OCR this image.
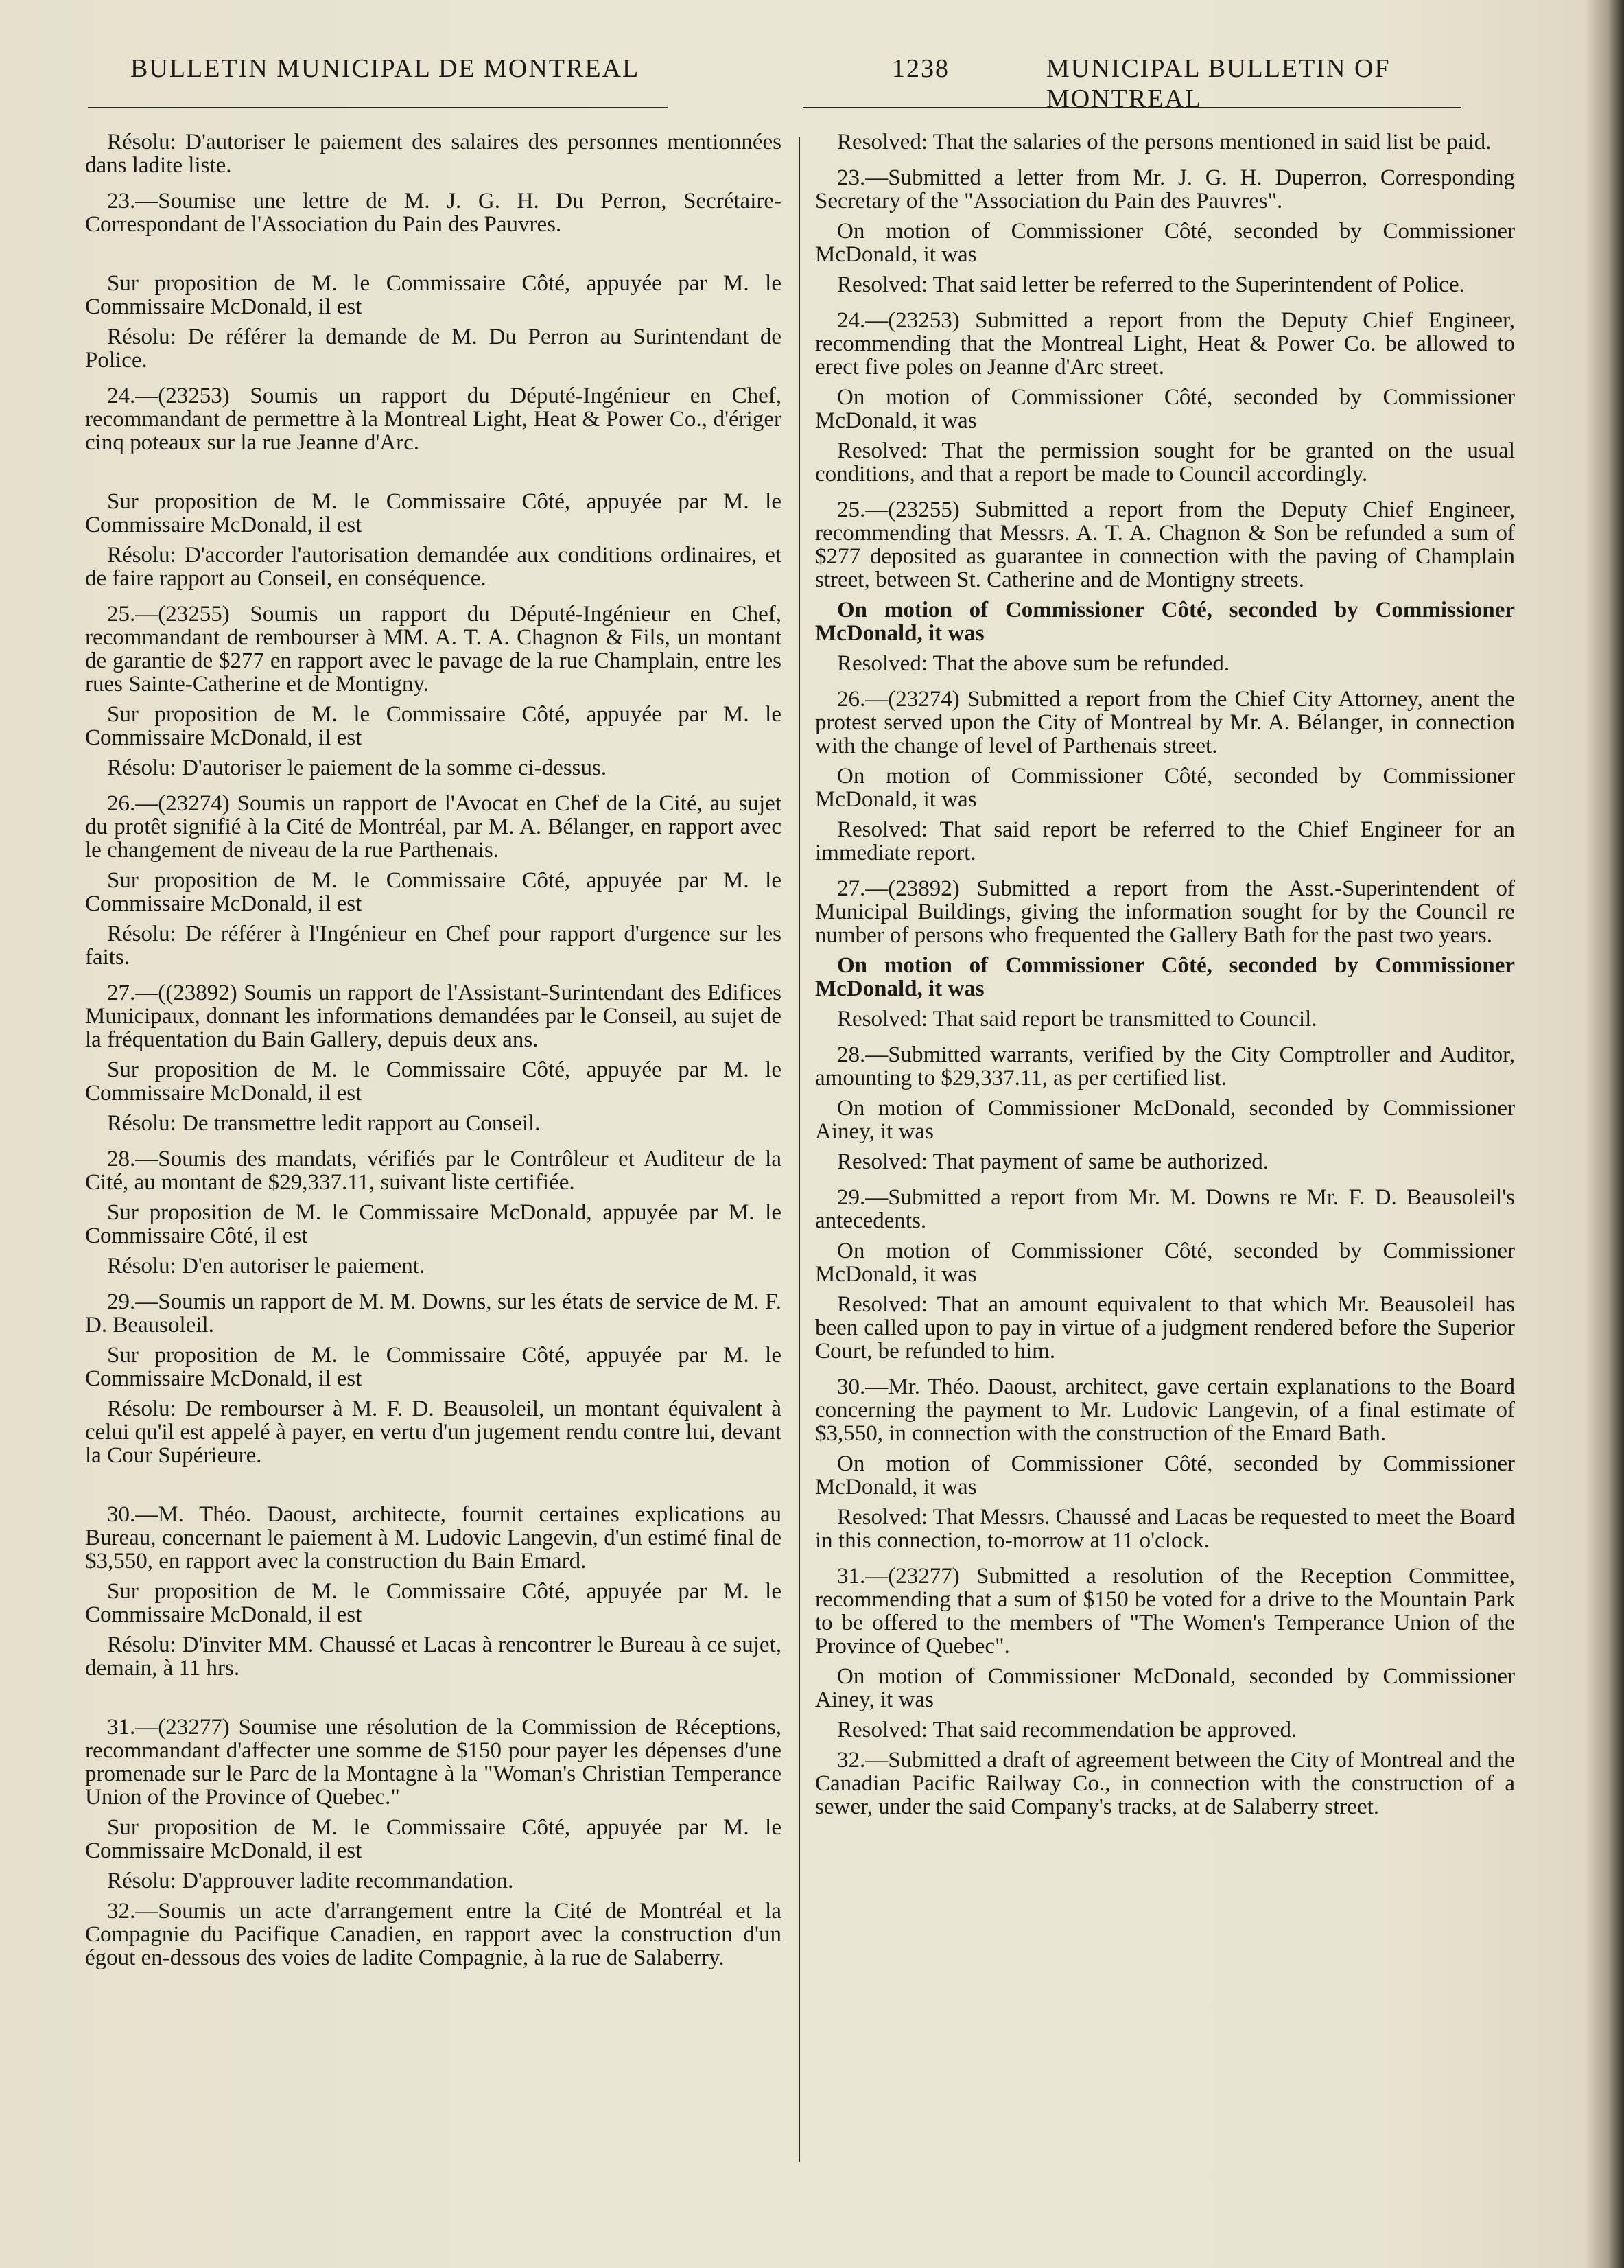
BULLETIN MUNICIPAL DE MONTREAL	1238	MUNICIPAL BULLETIN OF MONTREAL

Résolu: D'autoriser le paiement des salaires des personnes mentionnées dans ladite liste.

23.—Soumise une lettre de M. J. G. H. Du Perron, Secrétaire-Correspondant de l'Association du Pain des Pauvres.

Sur proposition de M. le Commissaire Côté, appuyée par M. le Commissaire McDonald, il est

Résolu: De référer la demande de M. Du Perron au Surintendant de Police.

24.—(23253) Soumis un rapport du Député-Ingénieur en Chef, recommandant de permettre à la Montreal Light, Heat & Power Co., d'ériger cinq poteaux sur la rue Jeanne d'Arc.

Sur proposition de M. le Commissaire Côté, appuyée par M. le Commissaire McDonald, il est

Résolu: D'accorder l'autorisation demandée aux conditions ordinaires, et de faire rapport au Conseil, en conséquence.

25.—(23255) Soumis un rapport du Député-Ingénieur en Chef, recommandant de rembourser à MM. A. T. A. Chagnon & Fils, un montant de garantie de $277 en rapport avec le pavage de la rue Champlain, entre les rues Sainte-Catherine et de Montigny.

Sur proposition de M. le Commissaire Côté, appuyée par M. le Commissaire McDonald, il est

Résolu: D'autoriser le paiement de la somme ci-dessus.

26.—(23274) Soumis un rapport de l'Avocat en Chef de la Cité, au sujet du protêt signifié à la Cité de Montréal, par M. A. Bélanger, en rapport avec le changement de niveau de la rue Parthenais.

Sur proposition de M. le Commissaire Côté, appuyée par M. le Commissaire McDonald, il est

Résolu: De référer à l'Ingénieur en Chef pour rapport d'urgence sur les faits.

27.—((23892) Soumis un rapport de l'Assistant-Surintendant des Edifices Municipaux, donnant les informations demandées par le Conseil, au sujet de la fréquentation du Bain Gallery, depuis deux ans.

Sur proposition de M. le Commissaire Côté, appuyée par M. le Commissaire McDonald, il est

Résolu: De transmettre ledit rapport au Conseil.

28.—Soumis des mandats, vérifiés par le Contrôleur et Auditeur de la Cité, au montant de $29,337.11, suivant liste certifiée.

Sur proposition de M. le Commissaire McDonald, appuyée par M. le Commissaire Côté, il est

Résolu: D'en autoriser le paiement.

29.—Soumis un rapport de M. M. Downs, sur les états de service de M. F. D. Beausoleil.

Sur proposition de M. le Commissaire Côté, appuyée par M. le Commissaire McDonald, il est

Résolu: De rembourser à M. F. D. Beausoleil, un montant équivalent à celui qu'il est appelé à payer, en vertu d'un jugement rendu contre lui, devant la Cour Supérieure.

30.—M. Théo. Daoust, architecte, fournit certaines explications au Bureau, concernant le paiement à M. Ludovic Langevin, d'un estimé final de $3,550, en rapport avec la construction du Bain Emard.

Sur proposition de M. le Commissaire Côté, appuyée par M. le Commissaire McDonald, il est

Résolu: D'inviter MM. Chaussé et Lacas à rencontrer le Bureau à ce sujet, demain, à 11 hrs.

31.—(23277) Soumise une résolution de la Commission de Réceptions, recommandant d'affecter une somme de $150 pour payer les dépenses d'une promenade sur le Parc de la Montagne à la "Woman's Christian Temperance Union of the Province of Quebec."

Sur proposition de M. le Commissaire Côté, appuyée par M. le Commissaire McDonald, il est

Résolu: D'approuver ladite recommandation.

32.—Soumis un acte d'arrangement entre la Cité de Montréal et la Compagnie du Pacifique Canadien, en rapport avec la construction d'un égout en-dessous des voies de ladite Compagnie, à la rue de Salaberry.

Resolved: That the salaries of the persons mentioned in said list be paid.

23.—Submitted a letter from Mr. J. G. H. Duperron, Corresponding Secretary of the "Association du Pain des Pauvres".

On motion of Commissioner Côté, seconded by Commissioner McDonald, it was

Resolved: That said letter be referred to the Superintendent of Police.

24.—(23253) Submitted a report from the Deputy Chief Engineer, recommending that the Montreal Light, Heat & Power Co. be allowed to erect five poles on Jeanne d'Arc street.

On motion of Commissioner Côté, seconded by Commissioner McDonald, it was

Resolved: That the permission sought for be granted on the usual conditions, and that a report be made to Council accordingly.

25.—(23255) Submitted a report from the Deputy Chief Engineer, recommending that Messrs. A. T. A. Chagnon & Son be refunded a sum of $277 deposited as guarantee in connection with the paving of Champlain street, between St. Catherine and de Montigny streets.

On motion of Commissioner Côté, seconded by Commissioner McDonald, it was

Resolved: That the above sum be refunded.

26.—(23274) Submitted a report from the Chief City Attorney, anent the protest served upon the City of Montreal by Mr. A. Bélanger, in connection with the change of level of Parthenais street.

On motion of Commissioner Côté, seconded by Commissioner McDonald, it was

Resolved: That said report be referred to the Chief Engineer for an immediate report.

27.—(23892) Submitted a report from the Asst.-Superintendent of Municipal Buildings, giving the information sought for by the Council re number of persons who frequented the Gallery Bath for the past two years.

On motion of Commissioner Côté, seconded by Commissioner McDonald, it was

Resolved: That said report be transmitted to Council.

28.—Submitted warrants, verified by the City Comptroller and Auditor, amounting to $29,337.11, as per certified list.

On motion of Commissioner McDonald, seconded by Commissioner Ainey, it was

Resolved: That payment of same be authorized.

29.—Submitted a report from Mr. M. Downs re Mr. F. D. Beausoleil's antecedents.

On motion of Commissioner Côté, seconded by Commissioner McDonald, it was

Resolved: That an amount equivalent to that which Mr. Beausoleil has been called upon to pay in virtue of a judgment rendered before the Superior Court, be refunded to him.

30.—Mr. Théo. Daoust, architect, gave certain explanations to the Board concerning the payment to Mr. Ludovic Langevin, of a final estimate of $3,550, in connection with the construction of the Emard Bath.

On motion of Commissioner Côté, seconded by Commissioner McDonald, it was

Resolved: That Messrs. Chaussé and Lacas be requested to meet the Board in this connection, to-morrow at 11 o'clock.

31.—(23277) Submitted a resolution of the Reception Committee, recommending that a sum of $150 be voted for a drive to the Mountain Park to be offered to the members of "The Women's Temperance Union of the Province of Quebec".

On motion of Commissioner McDonald, seconded by Commissioner Ainey, it was

Resolved: That said recommendation be approved.

32.—Submitted a draft of agreement between the City of Montreal and the Canadian Pacific Railway Co., in connection with the construction of a sewer, under the said Company's tracks, at de Salaberry street.
